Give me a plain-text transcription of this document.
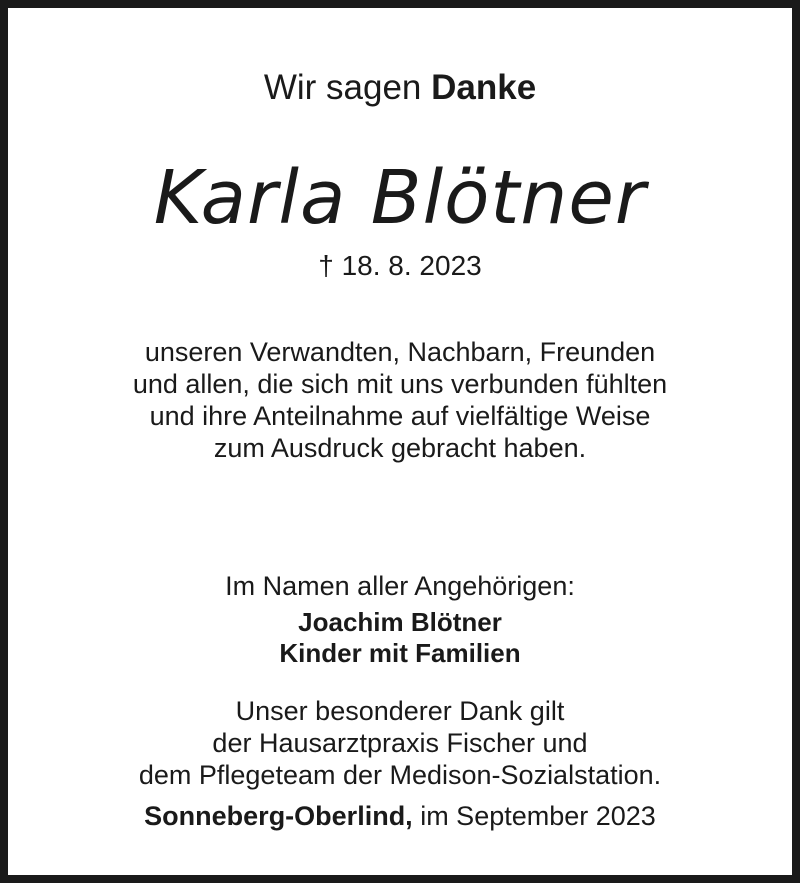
Wir sagen Danke
Karla Blötner
† 18. 8. 2023
unseren Verwandten, Nachbarn, Freunden
und allen, die sich mit uns verbunden fühlten
und ihre Anteilnahme auf vielfältige Weise
zum Ausdruck gebracht haben.
Im Namen aller Angehörigen:
Joachim Blötner
Kinder mit Familien
Unser besonderer Dank gilt
der Hausarztpraxis Fischer und
dem Pflegeteam der Medison-Sozialstation.
Sonneberg-Oberlind, im September 2023
